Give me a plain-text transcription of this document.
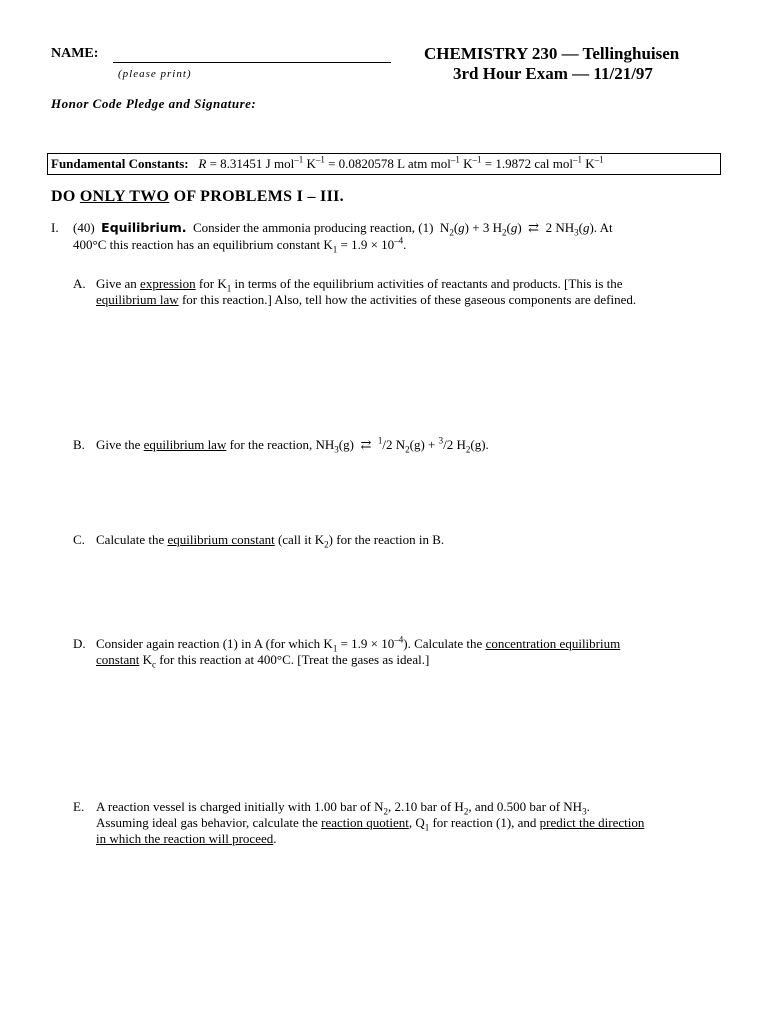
NAME:
(please print)
Honor Code Pledge and Signature:
CHEMISTRY 230 — Tellinghuisen
3rd Hour Exam — 11/21/97
Fundamental Constants: R = 8.31451 J mol$^{-1}$ $K^{-1} = 0.0820578$ L atm mol$^{-1}$ $K^{-1} = 1.9872$ cal mol$^{-1}$ $K^{-1}$
DO ONLY TWO OF PROBLEMS I – III.
I. (40) Equilibrium. Consider the ammonia producing reaction, (1) $N_2(g) + 3$ $H_2(g)$  ⇄ 2 $NH_3(g)$. At
400°C this reaction has an equilibrium constant $K_1 = 1.9 \times 10^{-4}$.
A. Give an expression for $K_1$ in terms of the equilibrium activities of reactants and products. [This is the
equilibrium law for this reaction.] Also, tell how the activities of these gaseous components are defined.
B. Give the equilibrium law for the reaction, $NH_3(g)$ ⇄ $^1$/2 $N_2(g) + ^3/2$ $H_2(g)$.
C. Calculate the equilibrium constant (call it $K_2$) for the reaction in B.
D. Consider again reaction (1) in A (for which $K_1 = 1.9 \times 10^{-4}$). Calculate the concentration equilibrium
constant $K_c$ for this reaction at 400°C. [Treat the gases as ideal.]
E. A reaction vessel is charged initially with 1.00 bar of $N_2$, 2.10 bar of $H_2$, and 0.500 bar of $NH_3$.
Assuming ideal gas behavior, calculate the reaction quotient, $Q_1$ for reaction (1), and predict the direction
in which the reaction will proceed.
